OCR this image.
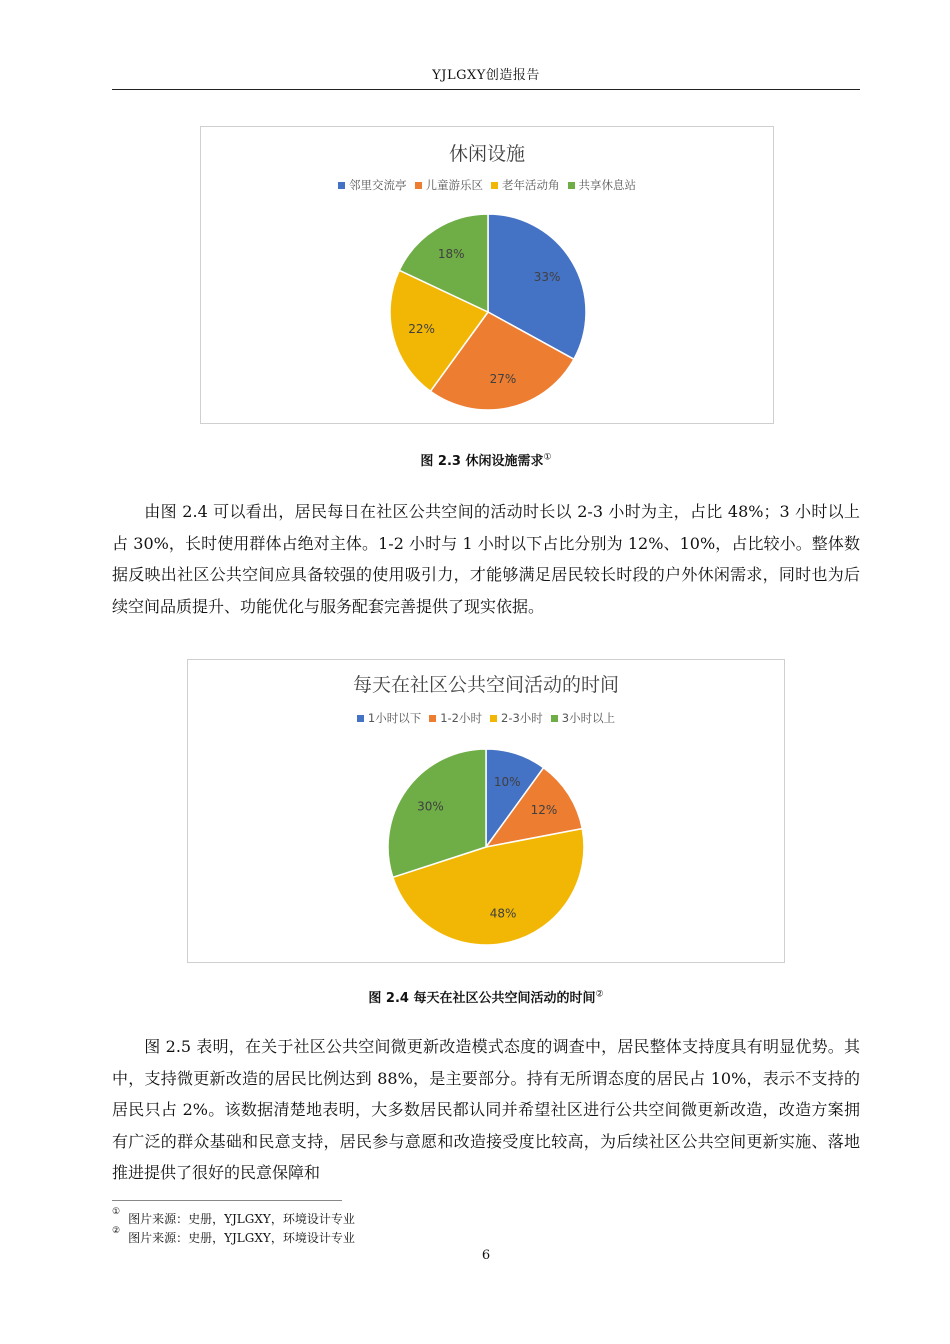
YJLGXY创造报告
休闲设施
邻里交流亭 儿童游乐区 老年活动角 共享休息站
33%
27%
22%
18%
图 2.3 休闲设施需求①
由图 2.4 可以看出，居民每日在社区公共空间的活动时长以 2-3 小时为主，占比 48%；3 小时以上占 30%，长时使用群体占绝对主体。1-2 小时与 1 小时以下占比分别为 12%、10%，占比较小。整体数据反映出社区公共空间应具备较强的使用吸引力，才能够满足居民较长时段的户外休闲需求，同时也为后续空间品质提升、功能优化与服务配套完善提供了现实依据。
每天在社区公共空间活动的时间
1小时以下 1-2小时 2-3小时 3小时以上
10%
12%
48%
30%
图 2.4 每天在社区公共空间活动的时间②
图 2.5 表明，在关于社区公共空间微更新改造模式态度的调查中，居民整体支持度具有明显优势。其中，支持微更新改造的居民比例达到 88%，是主要部分。持有无所谓态度的居民占 10%，表示不支持的居民只占 2%。该数据清楚地表明，大多数居民都认同并希望社区进行公共空间微更新改造，改造方案拥有广泛的群众基础和民意支持，居民参与意愿和改造接受度比较高，为后续社区公共空间更新实施、落地推进提供了很好的民意保障和
① 图片来源：史册，YJLGXY，环境设计专业
② 图片来源：史册，YJLGXY，环境设计专业
6
